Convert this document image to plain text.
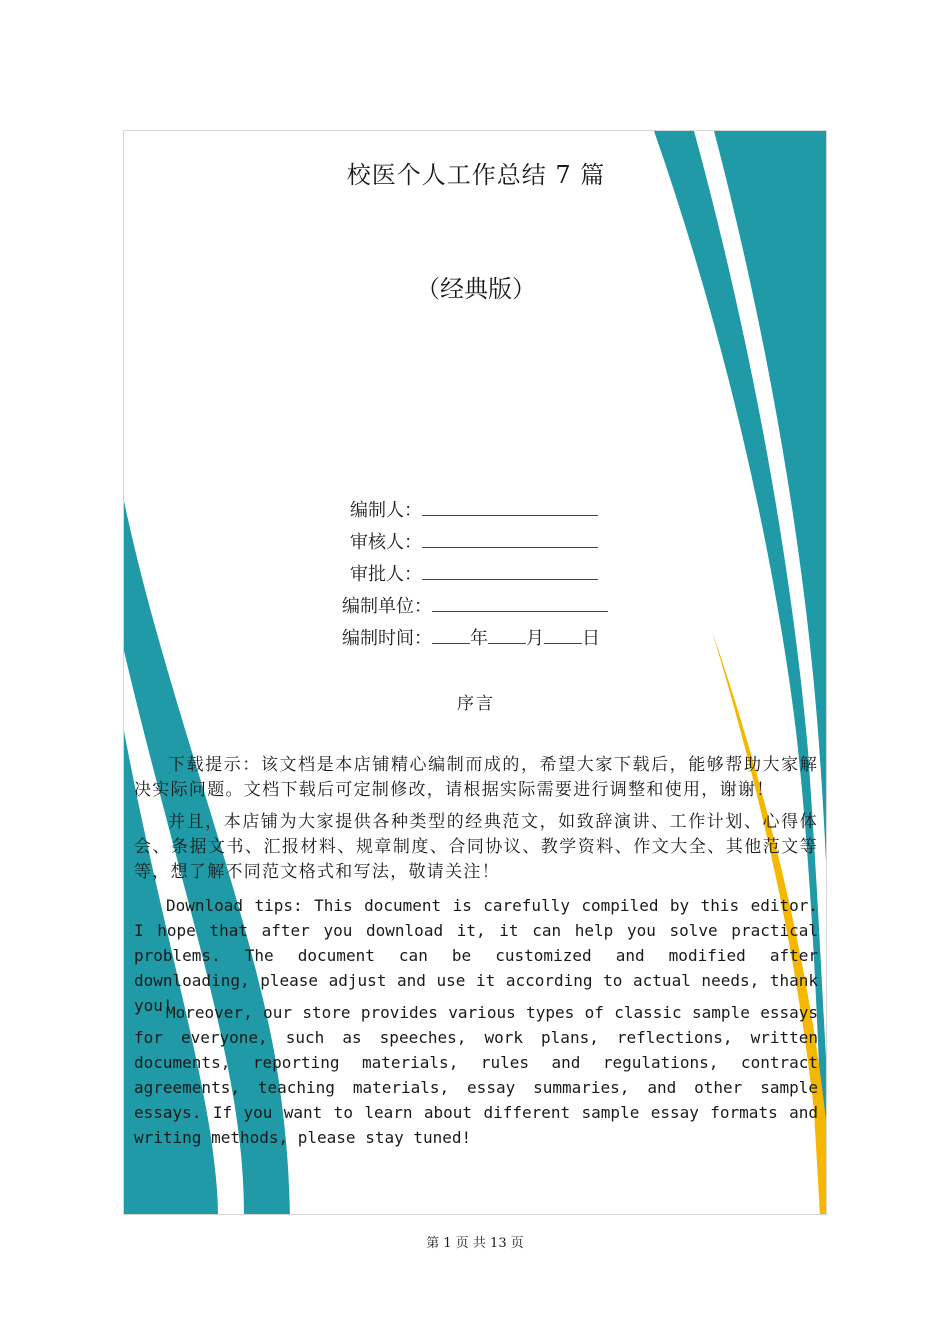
校医个人工作总结 7 篇
（经典版）
编制人：
审核人：
审批人：
编制单位：
编制时间： 年 月 日
序言

下载提示：该文档是本店铺精心编制而成的，希望大家下载后，能够帮助大家解决实际问题。文档下载后可定制修改，请根据实际需要进行调整和使用，谢谢！

并且，本店铺为大家提供各种类型的经典范文，如致辞演讲、工作计划、心得体会、条据文书、汇报材料、规章制度、合同协议、教学资料、作文大全、其他范文等等，想了解不同范文格式和写法，敬请关注！

Download tips: This document is carefully compiled by this editor. I hope that after you download it, it can help you solve practical problems. The document can be customized and modified after downloading, please adjust and use it according to actual needs, thank you!

Moreover, our store provides various types of classic sample essays for everyone, such as speeches, work plans, reflections, written documents, reporting materials, rules and regulations, contract agreements, teaching materials, essay summaries, and other sample essays. If you want to learn about different sample essay formats and writing methods, please stay tuned!

第 1 页 共 13 页
